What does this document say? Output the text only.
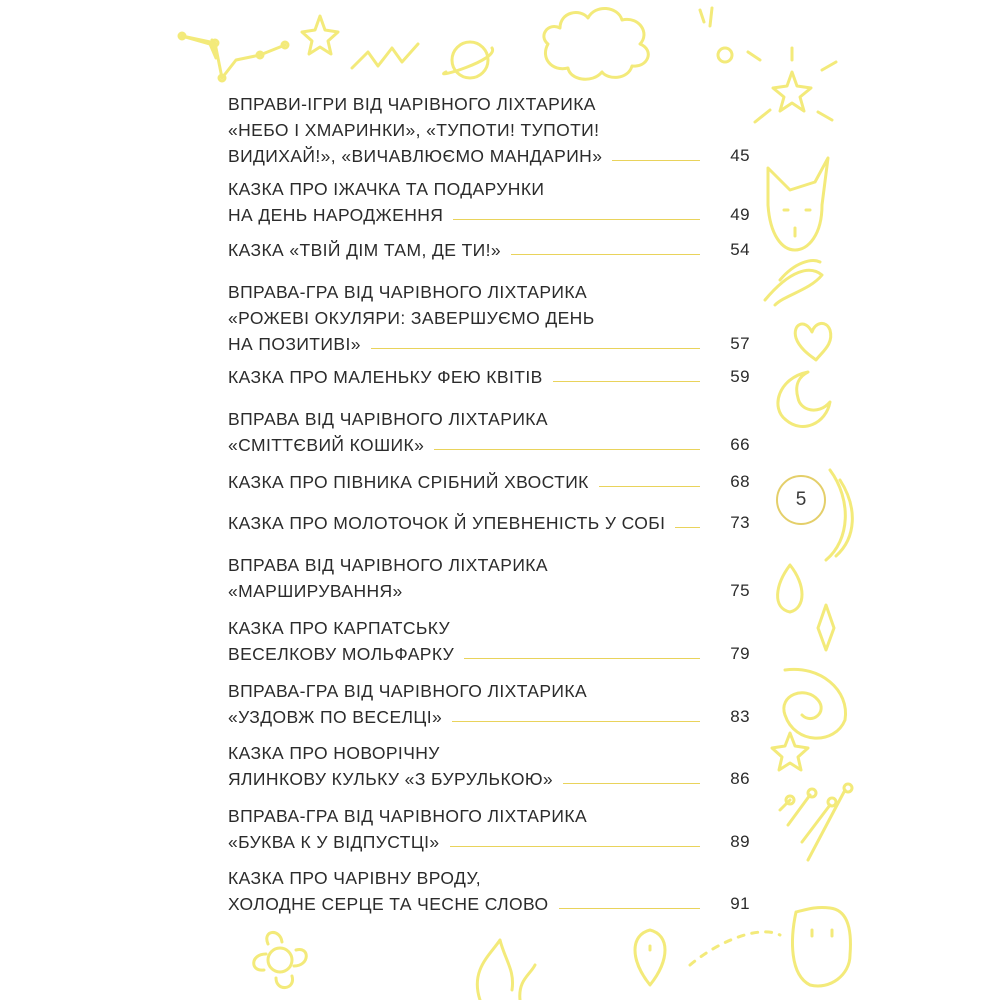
ВПРАВИ-ІГРИ ВІД ЧАРІВНОГО ЛІХТАРИКА
«НЕБО І ХМАРИНКИ», «ТУПОТИ! ТУПОТИ!
ВИДИХАЙ!», «ВИЧАВЛЮЄМО МАНДАРИН»	45
КАЗКА ПРО ІЖАЧКА ТА ПОДАРУНКИ
НА ДЕНЬ НАРОДЖЕННЯ	49
КАЗКА «ТВІЙ ДІМ ТАМ, ДЕ ТИ!»	54
ВПРАВА-ГРА ВІД ЧАРІВНОГО ЛІХТАРИКА
«РОЖЕВІ ОКУЛЯРИ: ЗАВЕРШУЄМО ДЕНЬ
НА ПОЗИТИВІ»	57
КАЗКА ПРО МАЛЕНЬКУ ФЕЮ КВІТІВ	59
ВПРАВА ВІД ЧАРІВНОГО ЛІХТАРИКА
«СМІТТЄВИЙ КОШИК»	66
КАЗКА ПРО ПІВНИКА СРІБНИЙ ХВОСТИК	68
КАЗКА ПРО МОЛОТОЧОК Й УПЕВНЕНІСТЬ У СОБІ	73
ВПРАВА ВІД ЧАРІВНОГО ЛІХТАРИКА
«МАРШИРУВАННЯ»	75
КАЗКА ПРО КАРПАТСЬКУ
ВЕСЕЛКОВУ МОЛЬФАРКУ	79
ВПРАВА-ГРА ВІД ЧАРІВНОГО ЛІХТАРИКА
«УЗДОВЖ ПО ВЕСЕЛЦІ»	83
КАЗКА ПРО НОВОРІЧНУ
ЯЛИНКОВУ КУЛЬКУ «З БУРУЛЬКОЮ»	86
ВПРАВА-ГРА ВІД ЧАРІВНОГО ЛІХТАРИКА
«БУКВА К У ВІДПУСТЦІ»	89
КАЗКА ПРО ЧАРІВНУ ВРОДУ,
ХОЛОДНЕ СЕРЦЕ ТА ЧЕСНЕ СЛОВО	91
5
